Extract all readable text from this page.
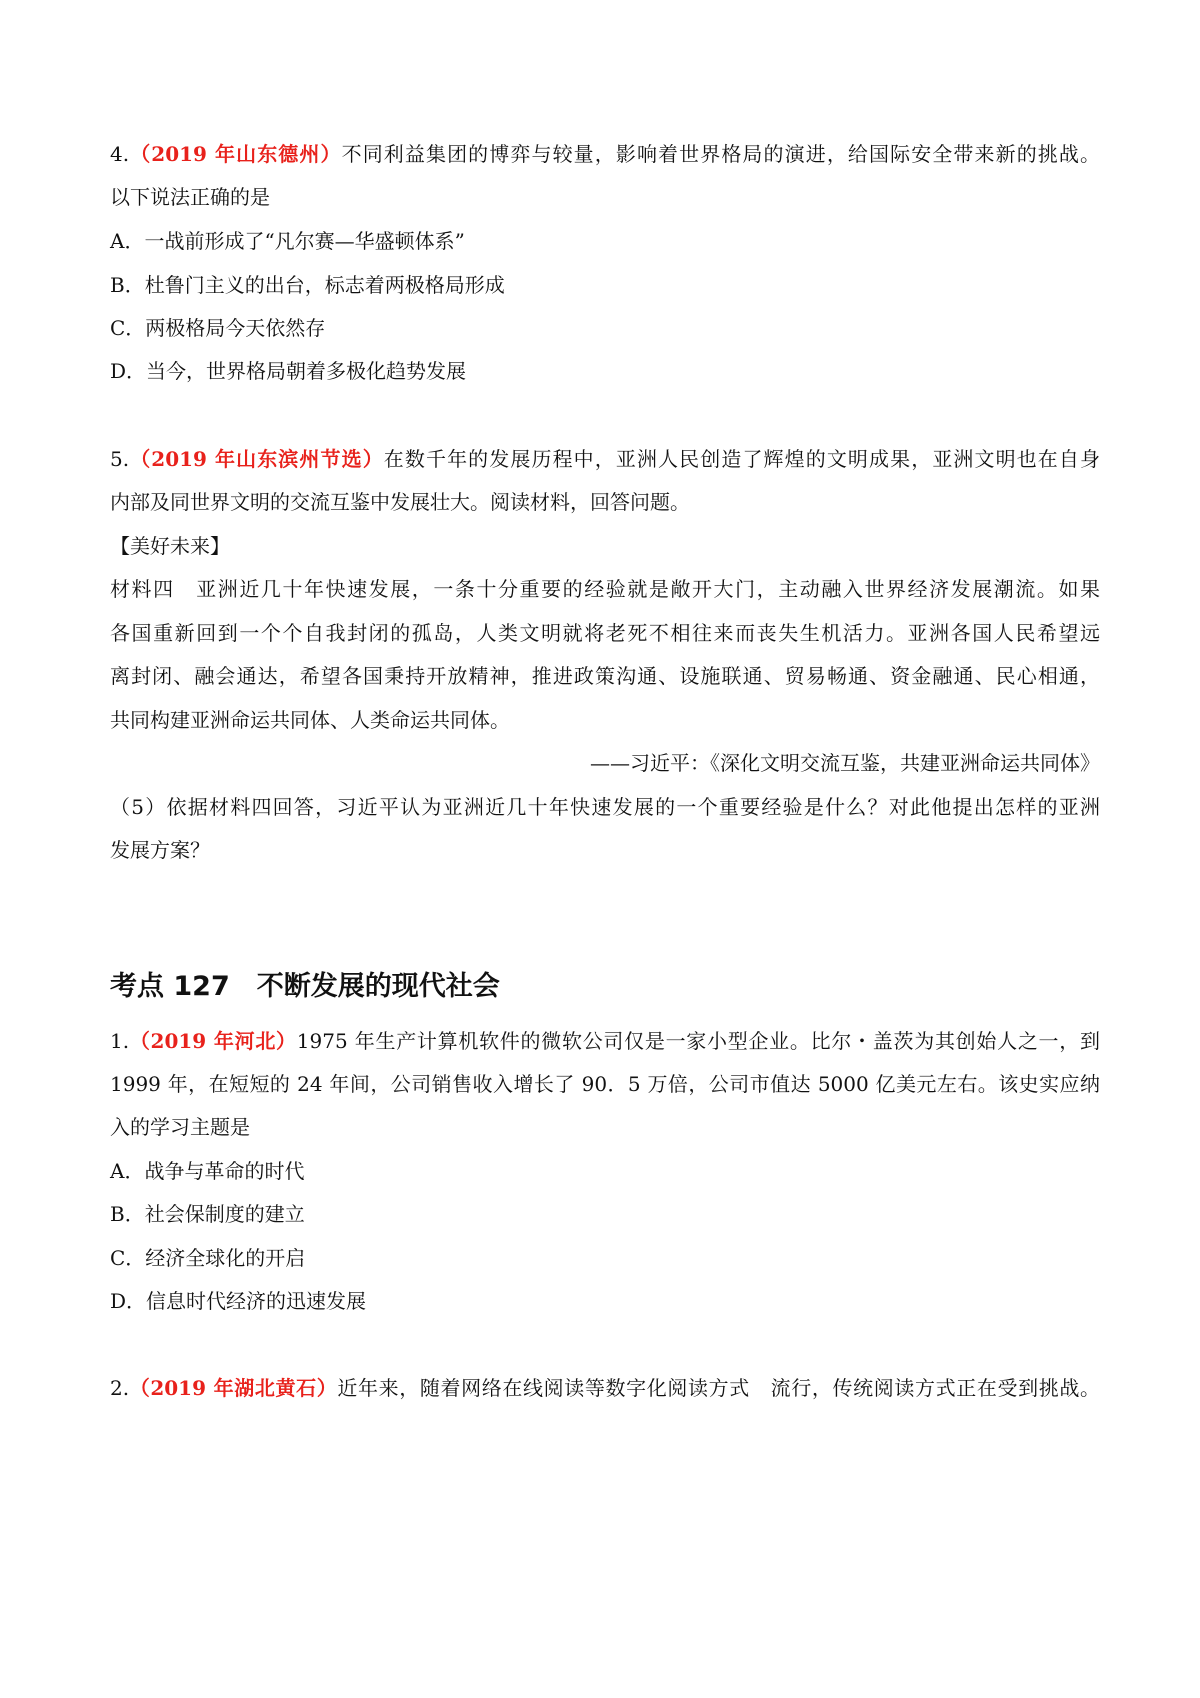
4.（2019 年山东德州）不同利益集团的博弈与较量，影响着世界格局的演进，给国际安全带来新的挑战。
以下说法正确的是
A．一战前形成了“凡尔赛—华盛顿体系”
B．杜鲁门主义的出台，标志着两极格局形成
C．两极格局今天依然存
D．当今，世界格局朝着多极化趋势发展
5.（2019 年山东滨州节选）在数千年的发展历程中，亚洲人民创造了辉煌的文明成果，亚洲文明也在自身
内部及同世界文明的交流互鉴中发展壮大。阅读材料，回答问题。
【美好未来】
材料四　亚洲近几十年快速发展，一条十分重要的经验就是敞开大门，主动融入世界经济发展潮流。如果
各国重新回到一个个自我封闭的孤岛，人类文明就将老死不相往来而丧失生机活力。亚洲各国人民希望远
离封闭、融会通达，希望各国秉持开放精神，推进政策沟通、设施联通、贸易畅通、资金融通、民心相通，
共同构建亚洲命运共同体、人类命运共同体。
——习近平：《深化文明交流互鉴，共建亚洲命运共同体》
（5）依据材料四回答，习近平认为亚洲近几十年快速发展的一个重要经验是什么？对此他提出怎样的亚洲
发展方案？
考点 127　不断发展的现代社会
1.（2019 年河北）1975 年生产计算机软件的微软公司仅是一家小型企业。比尔・盖茨为其创始人之一，到
1999 年，在短短的 24 年间，公司销售收入增长了 90．5 万倍，公司市值达 5000 亿美元左右。该史实应纳
入的学习主题是
A．战争与革命的时代
B．社会保制度的建立
C．经济全球化的开启
D．信息时代经济的迅速发展
2.（2019 年湖北黄石）近年来，随着网络在线阅读等数字化阅读方式　流行，传统阅读方式正在受到挑战。
